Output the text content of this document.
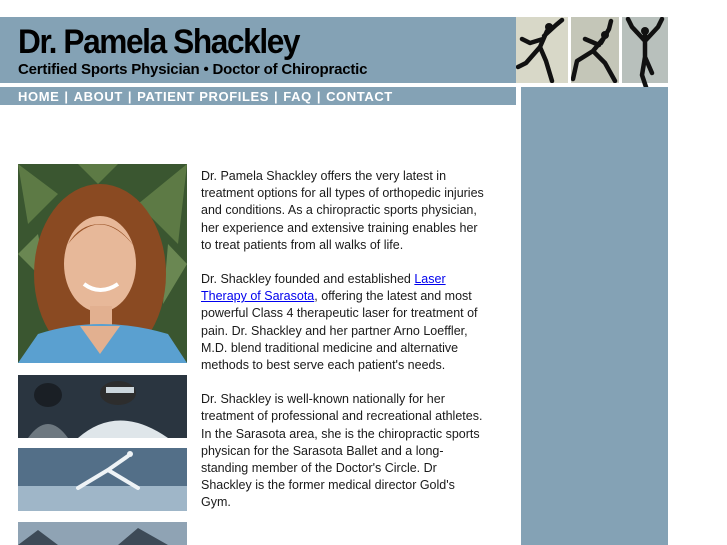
Dr. Pamela Shackley
Certified Sports Physician • Doctor of Chiropractic
HOME | ABOUT | PATIENT PROFILES | FAQ | CONTACT

Dr. Pamela Shackley offers the very latest in treatment options for all types of orthopedic injuries and conditions. As a chiropractic sports physician, her experience and extensive training enables her to treat patients from all walks of life.

Dr. Shackley founded and established Laser Therapy of Sarasota, offering the latest and most powerful Class 4 therapeutic laser for treatment of pain. Dr. Shackley and her partner Arno Loeffler, M.D. blend traditional medicine and alternative methods to best serve each patient's needs.

Dr. Shackley is well-known nationally for her treatment of professional and recreational athletes. In the Sarasota area, she is the chiropractic sports physican for the Sarasota Ballet and a long-standing member of the Doctor's Circle. Dr Shackley is the former medical director Gold's Gym.
